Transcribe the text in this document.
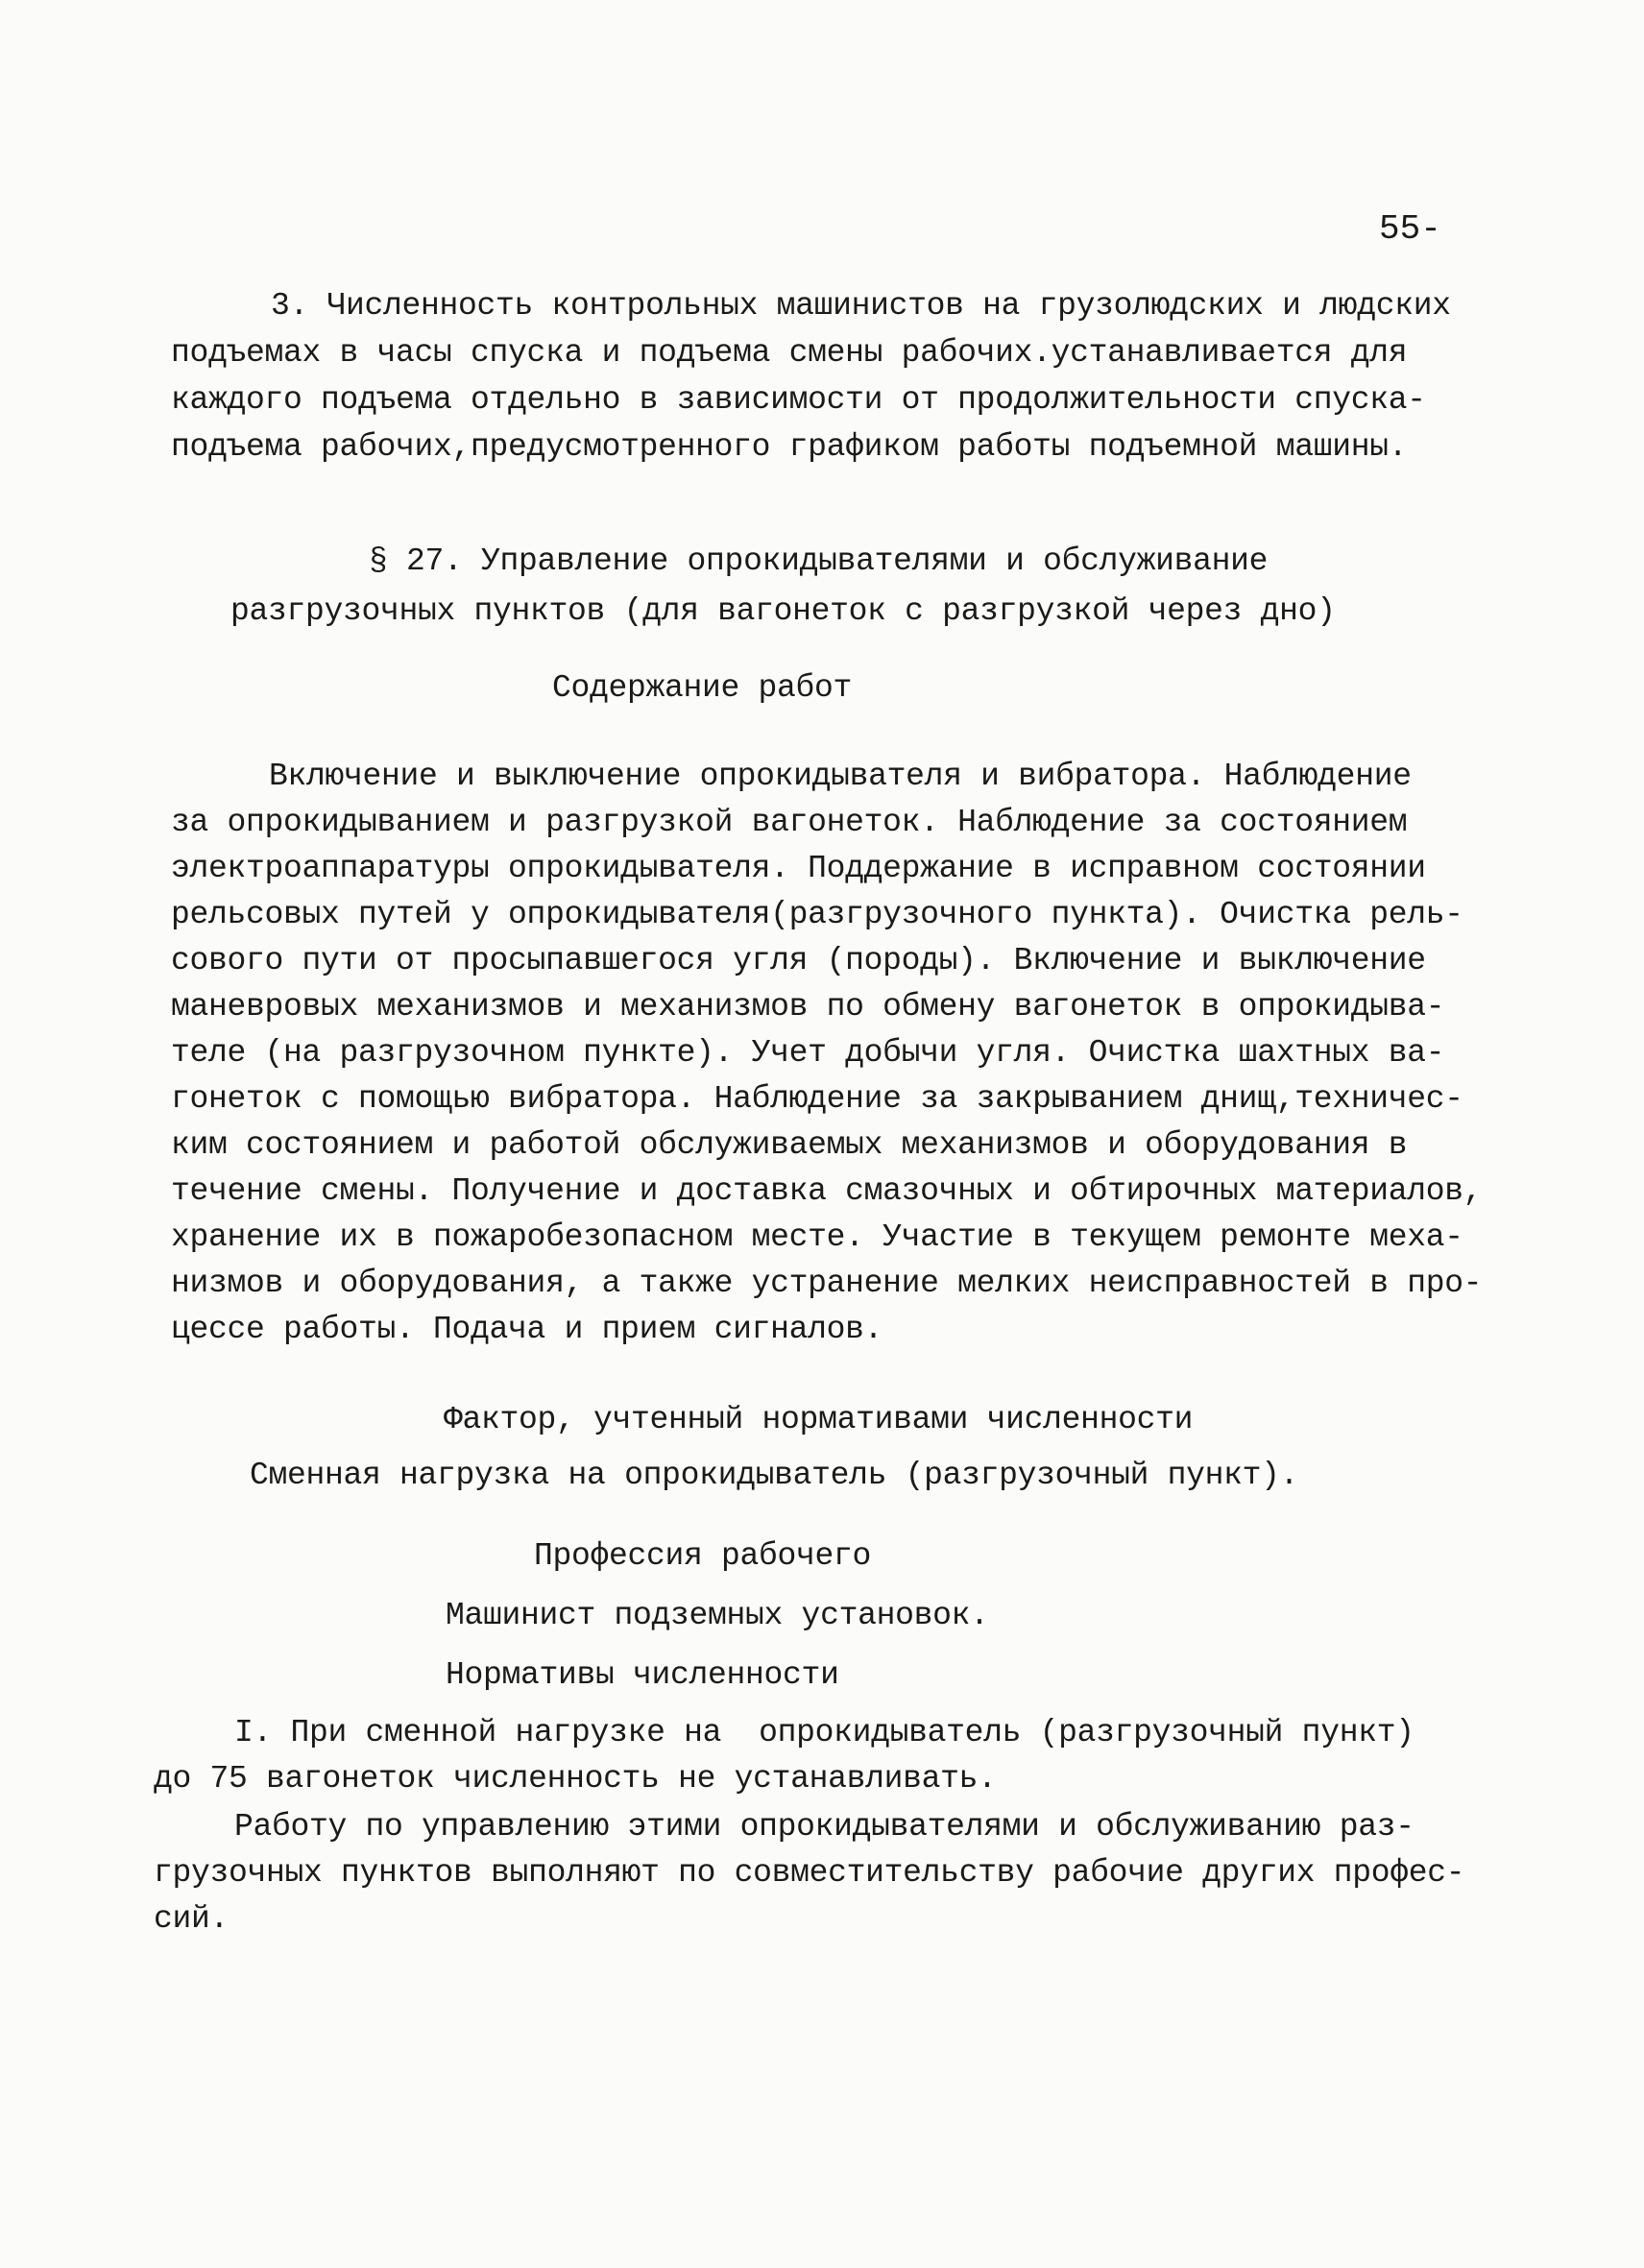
55-
3. Численность контрольных машинистов на грузолюдских и людских
подъемах в часы спуска и подъема смены рабочих.устанавливается для
каждого подъема отдельно в зависимости от продолжительности спуска-
подъема рабочих,предусмотренного графиком работы подъемной машины.
§ 27. Управление опрокидывателями и обслуживание
разгрузочных пунктов (для вагонеток с разгрузкой через дно)
Содержание работ
Включение и выключение опрокидывателя и вибратора. Наблюдение
за опрокидыванием и разгрузкой вагонеток. Наблюдение за состоянием
электроаппаратуры опрокидывателя. Поддержание в исправном состоянии
рельсовых путей у опрокидывателя(разгрузочного пункта). Очистка рель-
сового пути от просыпавшегося угля (породы). Включение и выключение
маневровых механизмов и механизмов по обмену вагонеток в опрокидыва-
теле (на разгрузочном пункте). Учет добычи угля. Очистка шахтных ва-
гонеток с помощью вибратора. Наблюдение за закрыванием днищ,техничес-
ким состоянием и работой обслуживаемых механизмов и оборудования в
течение смены. Получение и доставка смазочных и обтирочных материалов,
хранение их в пожаробезопасном месте. Участие в текущем ремонте меха-
низмов и оборудования, а также устранение мелких неисправностей в про-
цессе работы. Подача и прием сигналов.
Фактор, учтенный нормативами численности
Сменная нагрузка на опрокидыватель (разгрузочный пункт).
Профессия рабочего
Машинист подземных установок.
Нормативы численности
I. При сменной нагрузке на  опрокидыватель (разгрузочный пункт)
до 75 вагонеток численность не устанавливать.
Работу по управлению этими опрокидывателями и обслуживанию раз-
грузочных пунктов выполняют по совместительству рабочие других профес-
сий.
